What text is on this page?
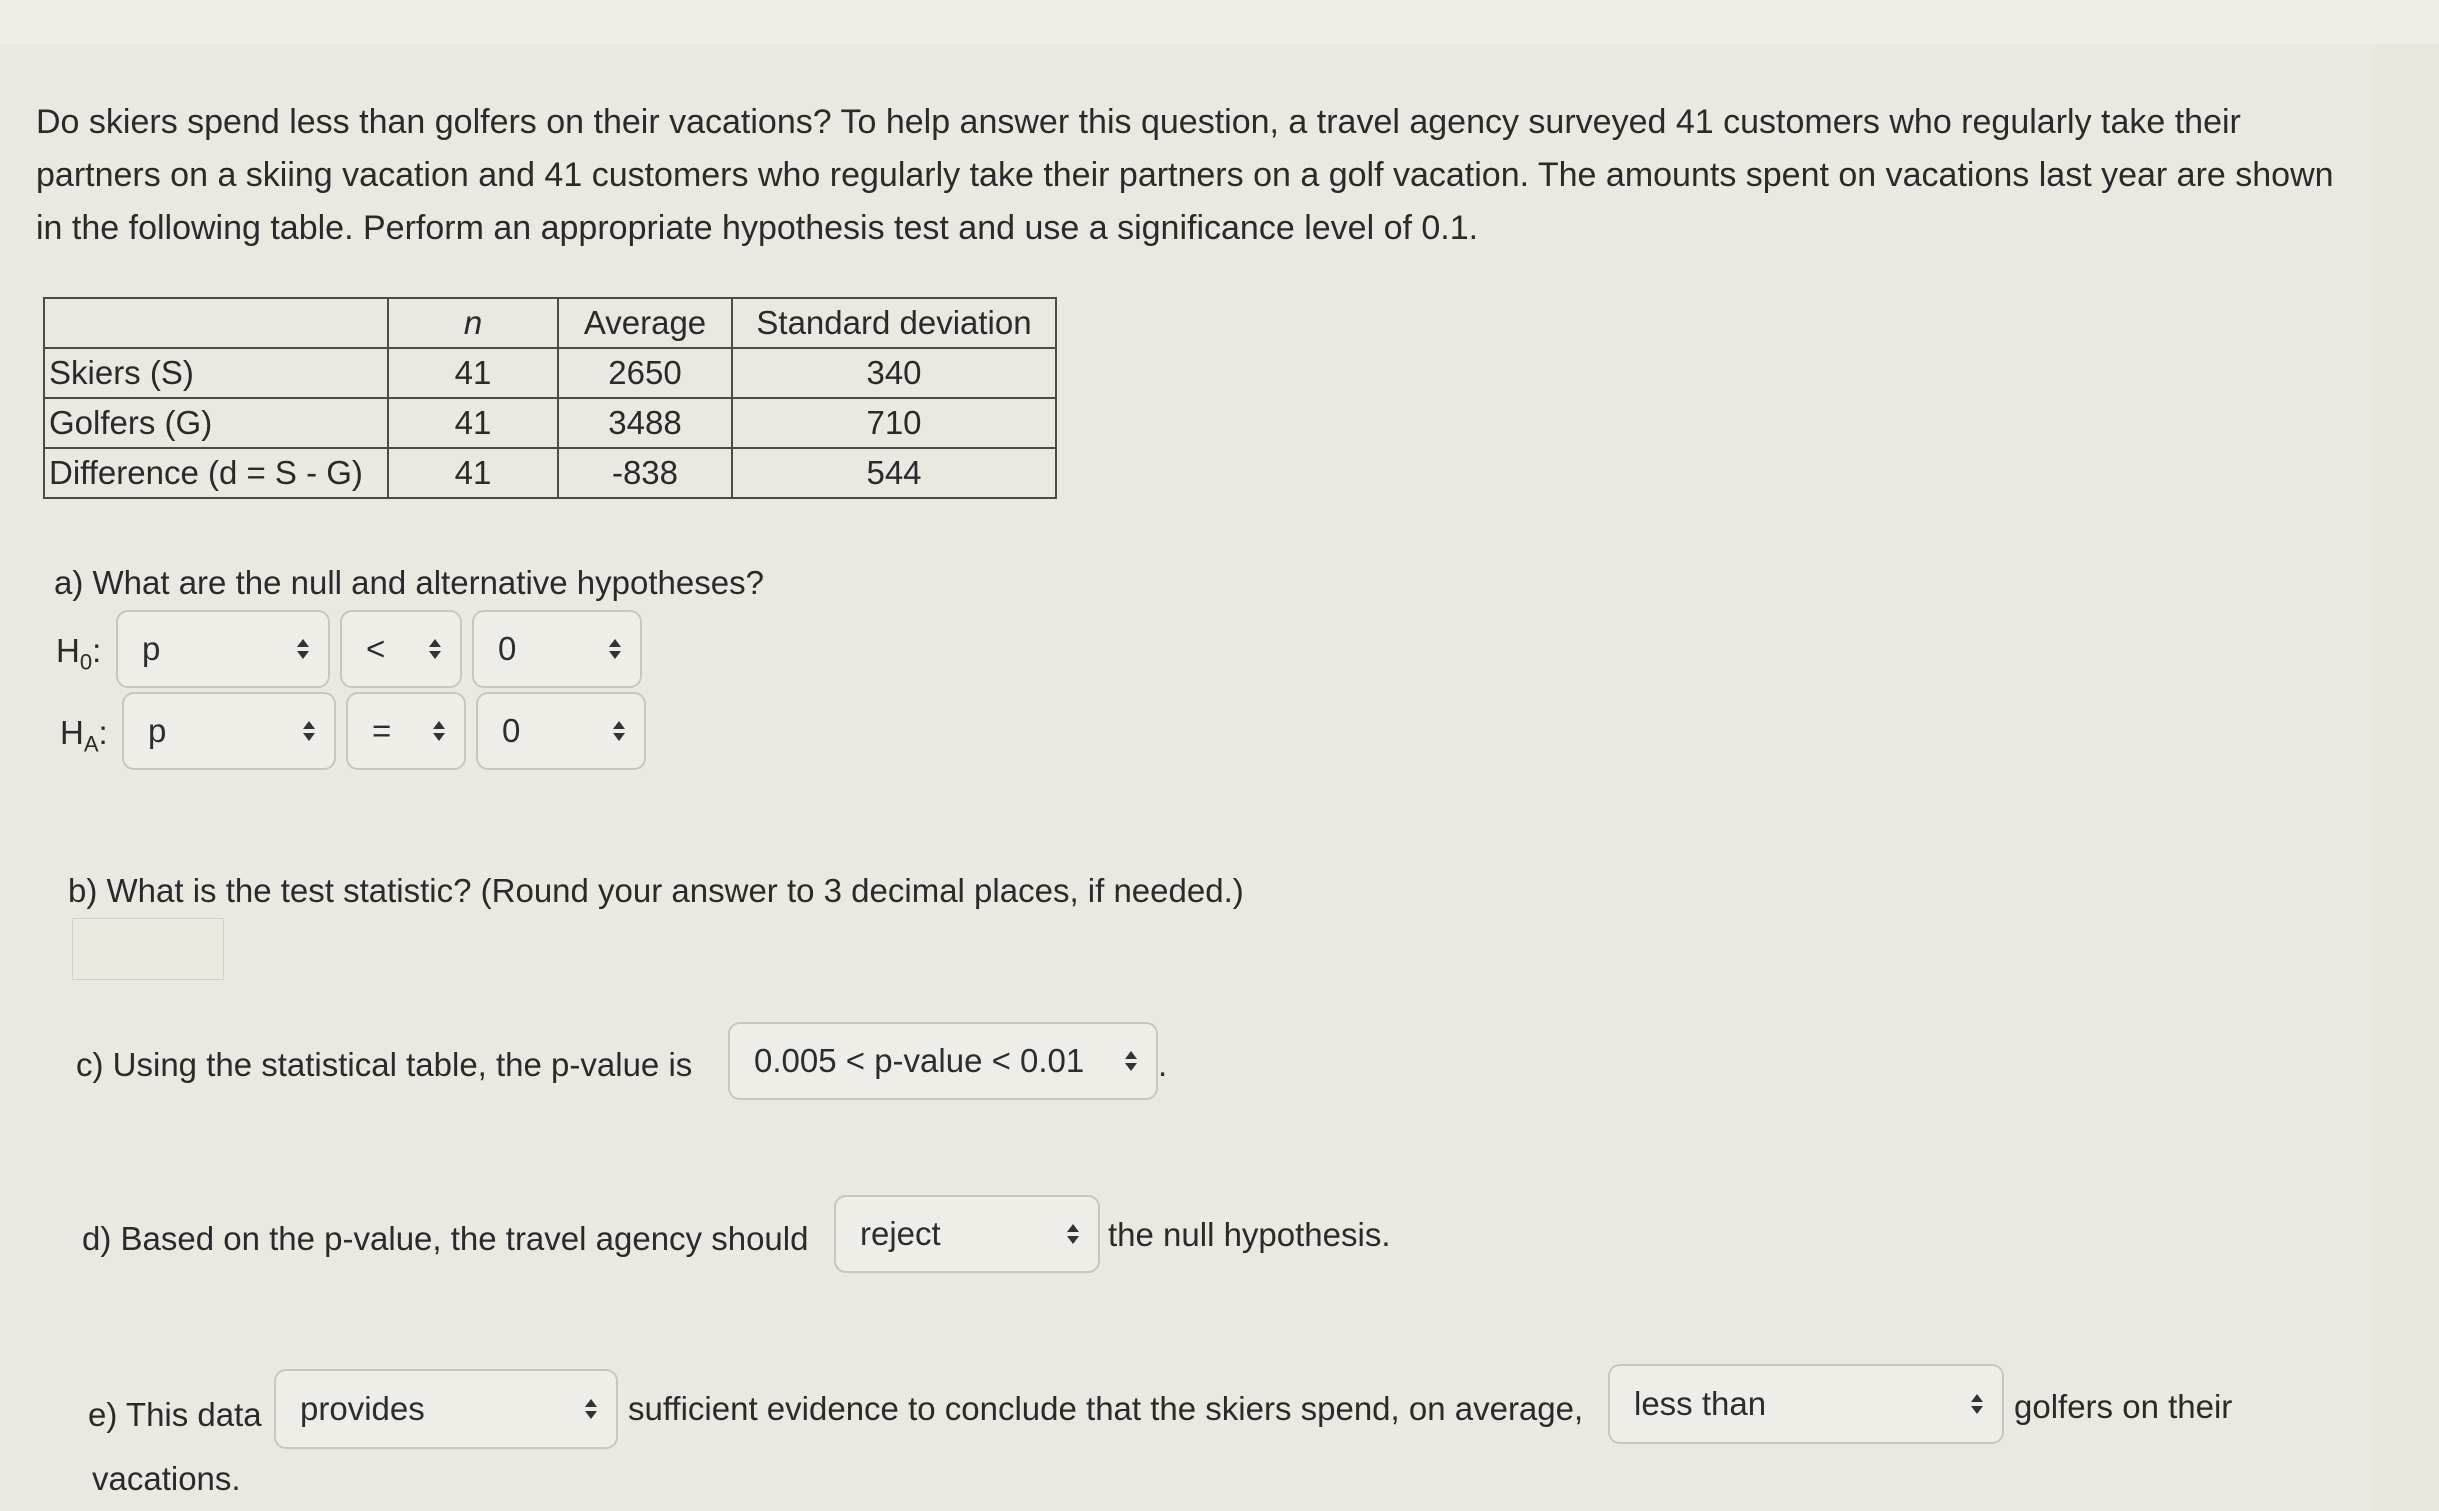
Do skiers spend less than golfers on their vacations? To help answer this question, a travel agency surveyed 41 customers who regularly take their partners on a skiing vacation and 41 customers who regularly take their partners on a golf vacation. The amounts spent on vacations last year are shown in the following table. Perform an appropriate hypothesis test and use a significance level of 0.1.

	n	Average	Standard deviation
Skiers (S)	41	2650	340
Golfers (G)	41	3488	710
Difference (d = S - G)	41	-838	544
a) What are the null and alternative hypotheses?
$H_0$: p	<	0
$H_A$: p	=	0
b) What is the test statistic? (Round your answer to 3 decimal places, if needed.)
c) Using the statistical table, the p-value is 0.005 < p-value < 0.01 .
d) Based on the p-value, the travel agency should reject	the null hypothesis.
e) This data provides	sufficient evidence to conclude that the skiers spend, on average, less than	golfers on their
vacations.
